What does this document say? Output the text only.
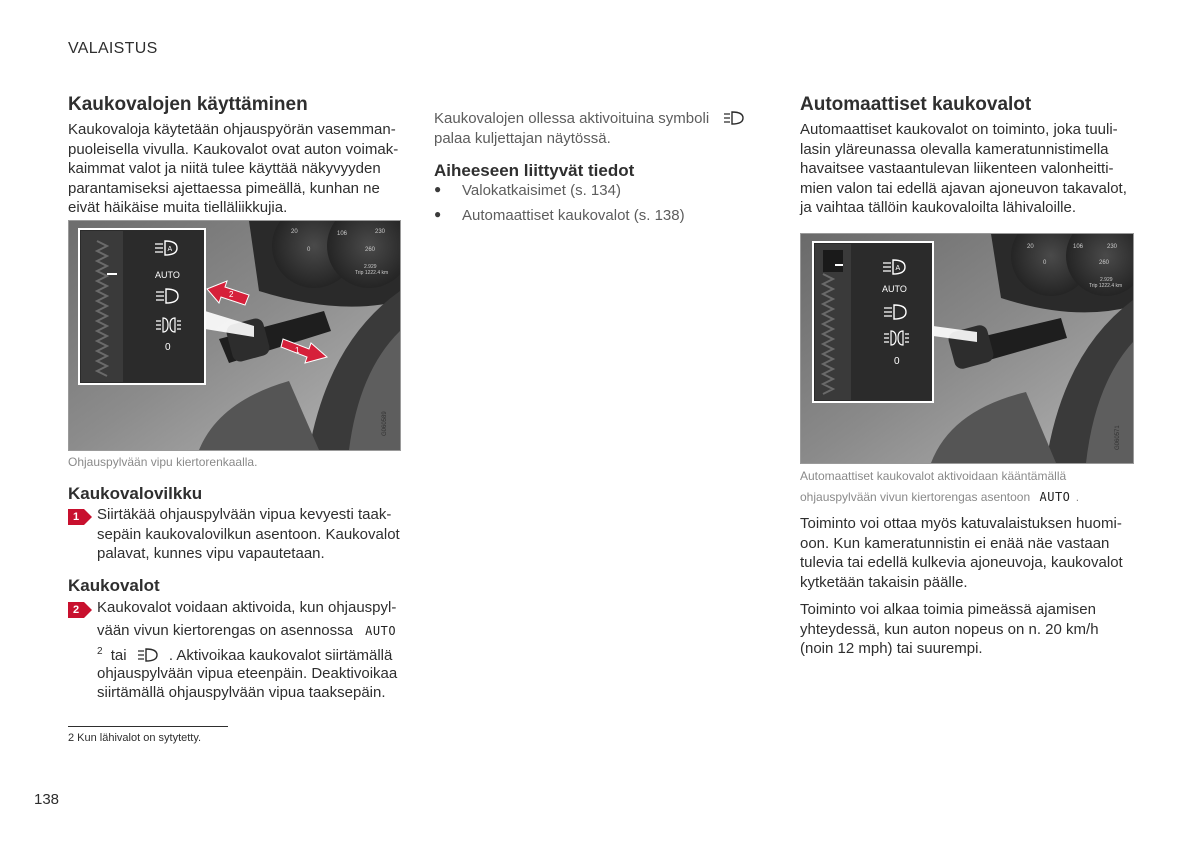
VALAISTUS
Kaukovalojen käyttäminen
Kaukovaloja käytetään ohjauspyörän vasemman-
puoleisella vivulla. Kaukovalot ovat auton voimak-
kaimmat valot ja niitä tulee käyttää näkyvyyden
parantamiseksi ajettaessa pimeällä, kunhan ne
eivät häikäise muita tielläliikkujia.
2
1
20	106	230
0	260
2.929
Trip 1222.4 km
A
AUTO
0
G060589
Ohjauspylvään vipu kiertorenkaalla.
Kaukovalovilkku
1	Siirtäkää ohjauspylvään vipua kevyesti taak-
sepäin kaukovalovilkun asentoon. Kaukovalot
palavat, kunnes vipu vapautetaan.
Kaukovalot
2	Kaukovalot voidaan aktivoida, kun ohjauspyl-
vään vivun kiertorengas on asennossa AUTO
$^2$ tai	. Aktivoikaa kaukovalot siirtämällä
ohjauspylvään vipua eteenpäin. Deaktivoikaa
siirtämällä ohjauspylvään vipua taaksepäin.
2 Kun lähivalot on sytytetty.
138
Kaukovalojen ollessa aktivoituina symboli
palaa kuljettajan näytössä.
Aiheeseen liittyvät tiedot
● Valokatkaisimet (s. 134)
● Automaattiset kaukovalot (s. 138)
Automaattiset kaukovalot
Automaattiset kaukovalot on toiminto, joka tuuli-
lasin yläreunassa olevalla kameratunnistimella
havaitsee vastaantulevan liikenteen valonheitti-
mien valon tai edellä ajavan ajoneuvon takavalot,
ja vaihtaa tällöin kaukovaloilta lähivaloille.
20	106	230
0	260
2.929
Trip 1222.4 km
A
AUTO
0
G060571
Automaattiset kaukovalot aktivoidaan kääntämällä
ohjauspylvään vivun kiertorengas asentoon AUTO .
Toiminto voi ottaa myös katuvalaistuksen huomi-
oon. Kun kameratunnistin ei enää näe vastaan
tulevia tai edellä kulkevia ajoneuvoja, kaukovalot
kytketään takaisin päälle.
Toiminto voi alkaa toimia pimeässä ajamisen
yhteydessä, kun auton nopeus on n. 20 km/h
(noin 12 mph) tai suurempi.
